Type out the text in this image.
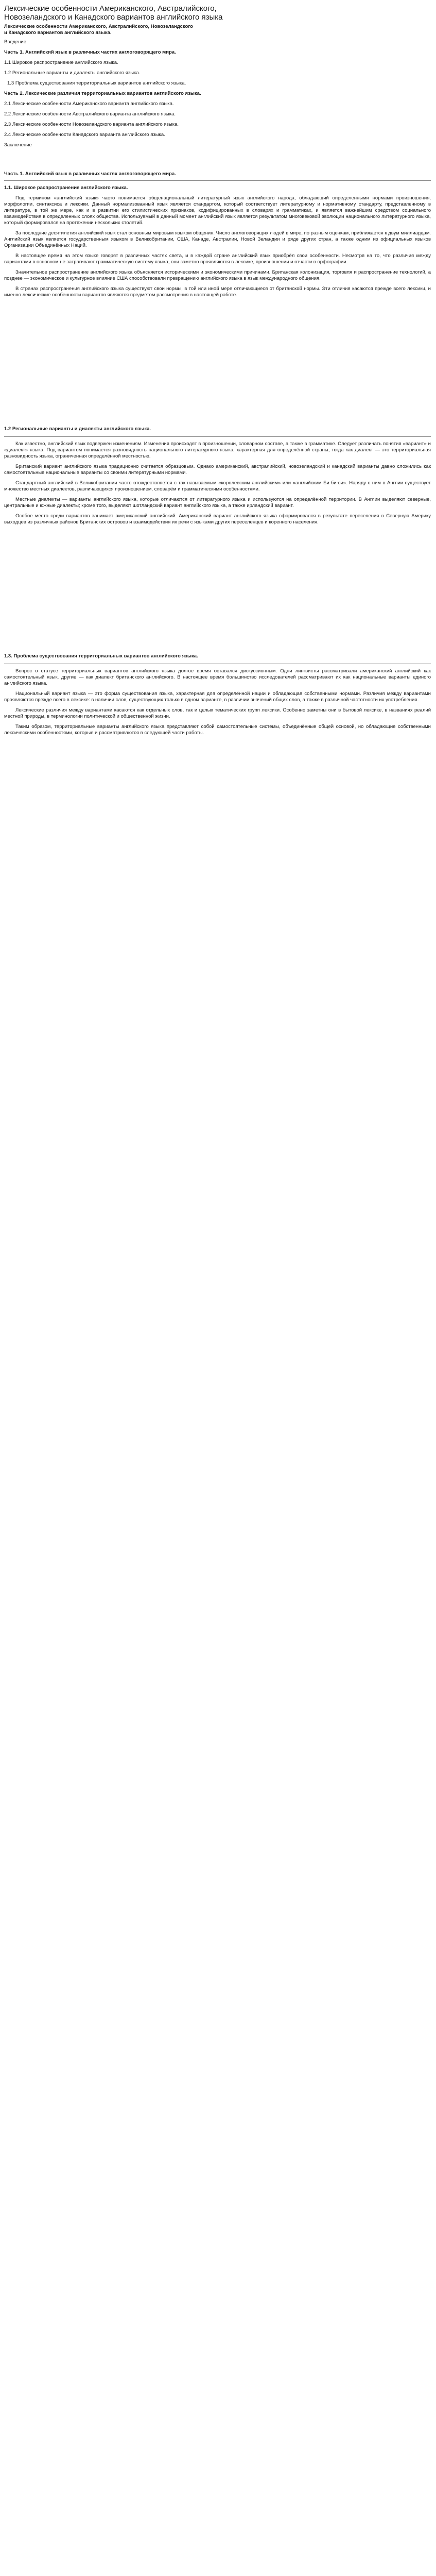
Лексические особенности Американского, Австралийского,
Новозеландского и Канадского вариантов английского языка
Лексические особенности Американского, Австралийского, Новозеландского
и Канадского вариантов английского языка.

Введение

Часть 1. Английский язык в различных частях англоговорящего мира.

1.1 Широкое распространение английского языка.

1.2 Региональные варианты и диалекты английского языка.

1.3 Проблема существования территориальных вариантов английского языка.

Часть 2. Лексические различия территориальных вариантов английского языка.

2.1 Лексические особенности Американского варианта английского языка.

2.2 Лексические особенности Австралийского варианта английского языка.

2.3 Лексические особенности Новозеландского варианта английского языка.

2.4 Лексические особенности Канадского варианта английского языка.

Заключение

Часть 1. Английский язык в различных частях англоговорящего мира.
1.1. Широкое распространение английского языка.

Под термином «английский язык» часто понимается общенациональный литературный язык английского народа, обладающий определенными нормами произношения, морфологии, синтаксиса и лексики. Данный нормализованный язык является стандартом, который соответствует литературному и нормативному стандарту, представленному в литературе, в той же мере, как и в развитии его стилистических признаков, кодифицированных в словарях и грамматиках, и является важнейшим средством социального взаимодействия в определенных слоях общества. Используемый в данный момент английский язык является результатом многовековой эволюции национального литературного языка, который формировался на протяжении нескольких столетий.

За последние десятилетия английский язык стал основным мировым языком общения. Число англоговорящих людей в мире, по разным оценкам, приближается к двум миллиардам. Английский язык является государственным языком в Великобритании, США, Канаде, Австралии, Новой Зеландии и ряде других стран, а также одним из официальных языков Организации Объединённых Наций.

В настоящее время на этом языке говорят в различных частях света, и в каждой стране английский язык приобрёл свои особенности. Несмотря на то, что различия между вариантами в основном не затрагивают грамматическую систему языка, они заметно проявляются в лексике, произношении и отчасти в орфографии.

Значительное распространение английского языка объясняется историческими и экономическими причинами. Британская колонизация, торговля и распространение технологий, а позднее — экономическое и культурное влияние США способствовали превращению английского языка в язык международного общения.

В странах распространения английского языка существуют свои нормы, в той или иной мере отличающиеся от британской нормы. Эти отличия касаются прежде всего лексики, и именно лексические особенности вариантов являются предметом рассмотрения в настоящей работе.

1.2 Региональные варианты и диалекты английского языка.

Как известно, английский язык подвержен изменениям. Изменения происходят в произношении, словарном составе, а также в грамматике. Следует различать понятия «вариант» и «диалект» языка. Под вариантом понимается разновидность национального литературного языка, характерная для определённой страны, тогда как диалект — это территориальная разновидность языка, ограниченная определённой местностью.

Британский вариант английского языка традиционно считается образцовым. Однако американский, австралийский, новозеландский и канадский варианты давно сложились как самостоятельные национальные варианты со своими литературными нормами.

Стандартный английский в Великобритании часто отождествляется с так называемым «королевским английским» или «английским Би-би-си». Наряду с ним в Англии существует множество местных диалектов, различающихся произношением, словарём и грамматическими особенностями.

Местные диалекты — варианты английского языка, которые отличаются от литературного языка и используются на определённой территории. В Англии выделяют северные, центральные и южные диалекты; кроме того, выделяют шотландский вариант английского языка, а также ирландский вариант.

Особое место среди вариантов занимает американский английский. Американский вариант английского языка сформировался в результате переселения в Северную Америку выходцев из различных районов Британских островов и взаимодействия их речи с языками других переселенцев и коренного населения.

1.3. Проблема существования территориальных вариантов английского языка.

Вопрос о статусе территориальных вариантов английского языка долгое время оставался дискуссионным. Одни лингвисты рассматривали американский английский как самостоятельный язык, другие — как диалект британского английского. В настоящее время большинство исследователей рассматривают их как национальные варианты единого английского языка.

Национальный вариант языка — это форма существования языка, характерная для определённой нации и обладающая собственными нормами. Различия между вариантами проявляются прежде всего в лексике: в наличии слов, существующих только в одном варианте, в различии значений общих слов, а также в различной частотности их употребления.

Лексические различия между вариантами касаются как отдельных слов, так и целых тематических групп лексики. Особенно заметны они в бытовой лексике, в названиях реалий местной природы, в терминологии политической и общественной жизни.

Таким образом, территориальные варианты английского языка представляют собой самостоятельные системы, объединённые общей основой, но обладающие собственными лексическими особенностями, которые и рассматриваются в следующей части работы.
